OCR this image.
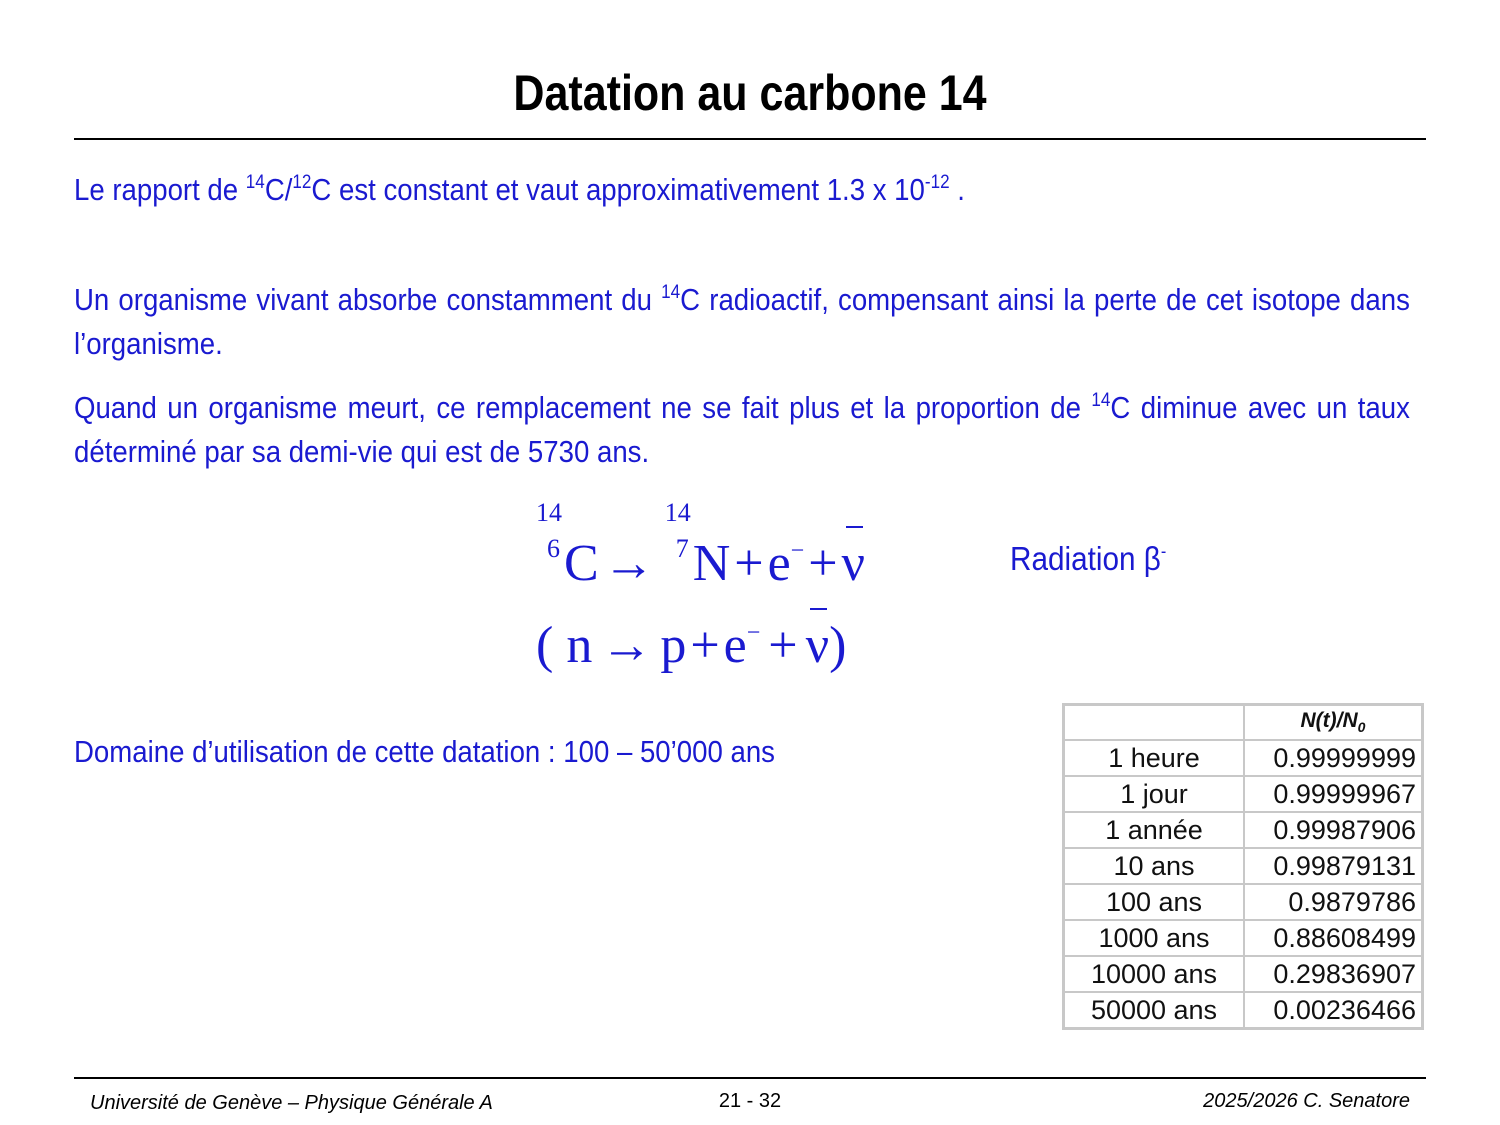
Datation au carbone 14
Le rapport de $^{14}$C/$^{12}$C est constant et vaut approximativement 1.3 x $10^{-12}$ .
Un organisme vivant absorbe constamment du $^{14}$C radioactif, compensant ainsi la perte de cet isotope dans l’organisme.
Quand un organisme meurt, ce remplacement ne se fait plus et la proportion de $^{14}$C diminue avec un taux déterminé par sa demi-vie qui est de 5730 ans.
14
6 C →
14
7 N + e− + ν	Radiation β-
( n → p + e− + ν)
Domaine d’utilisation de cette datation : 100 – 50’000 ans
	$N(t)/N_0$
1 heure	0.99999999
1 jour	0.99999967
1 année	0.99987906
10 ans	0.99879131
100 ans	0.9879786
1000 ans	0.88608499
10000 ans	0.29836907
50000 ans	0.00236466
Université de Genève – Physique Générale A	21 - 32	2025/2026 C. Senatore
